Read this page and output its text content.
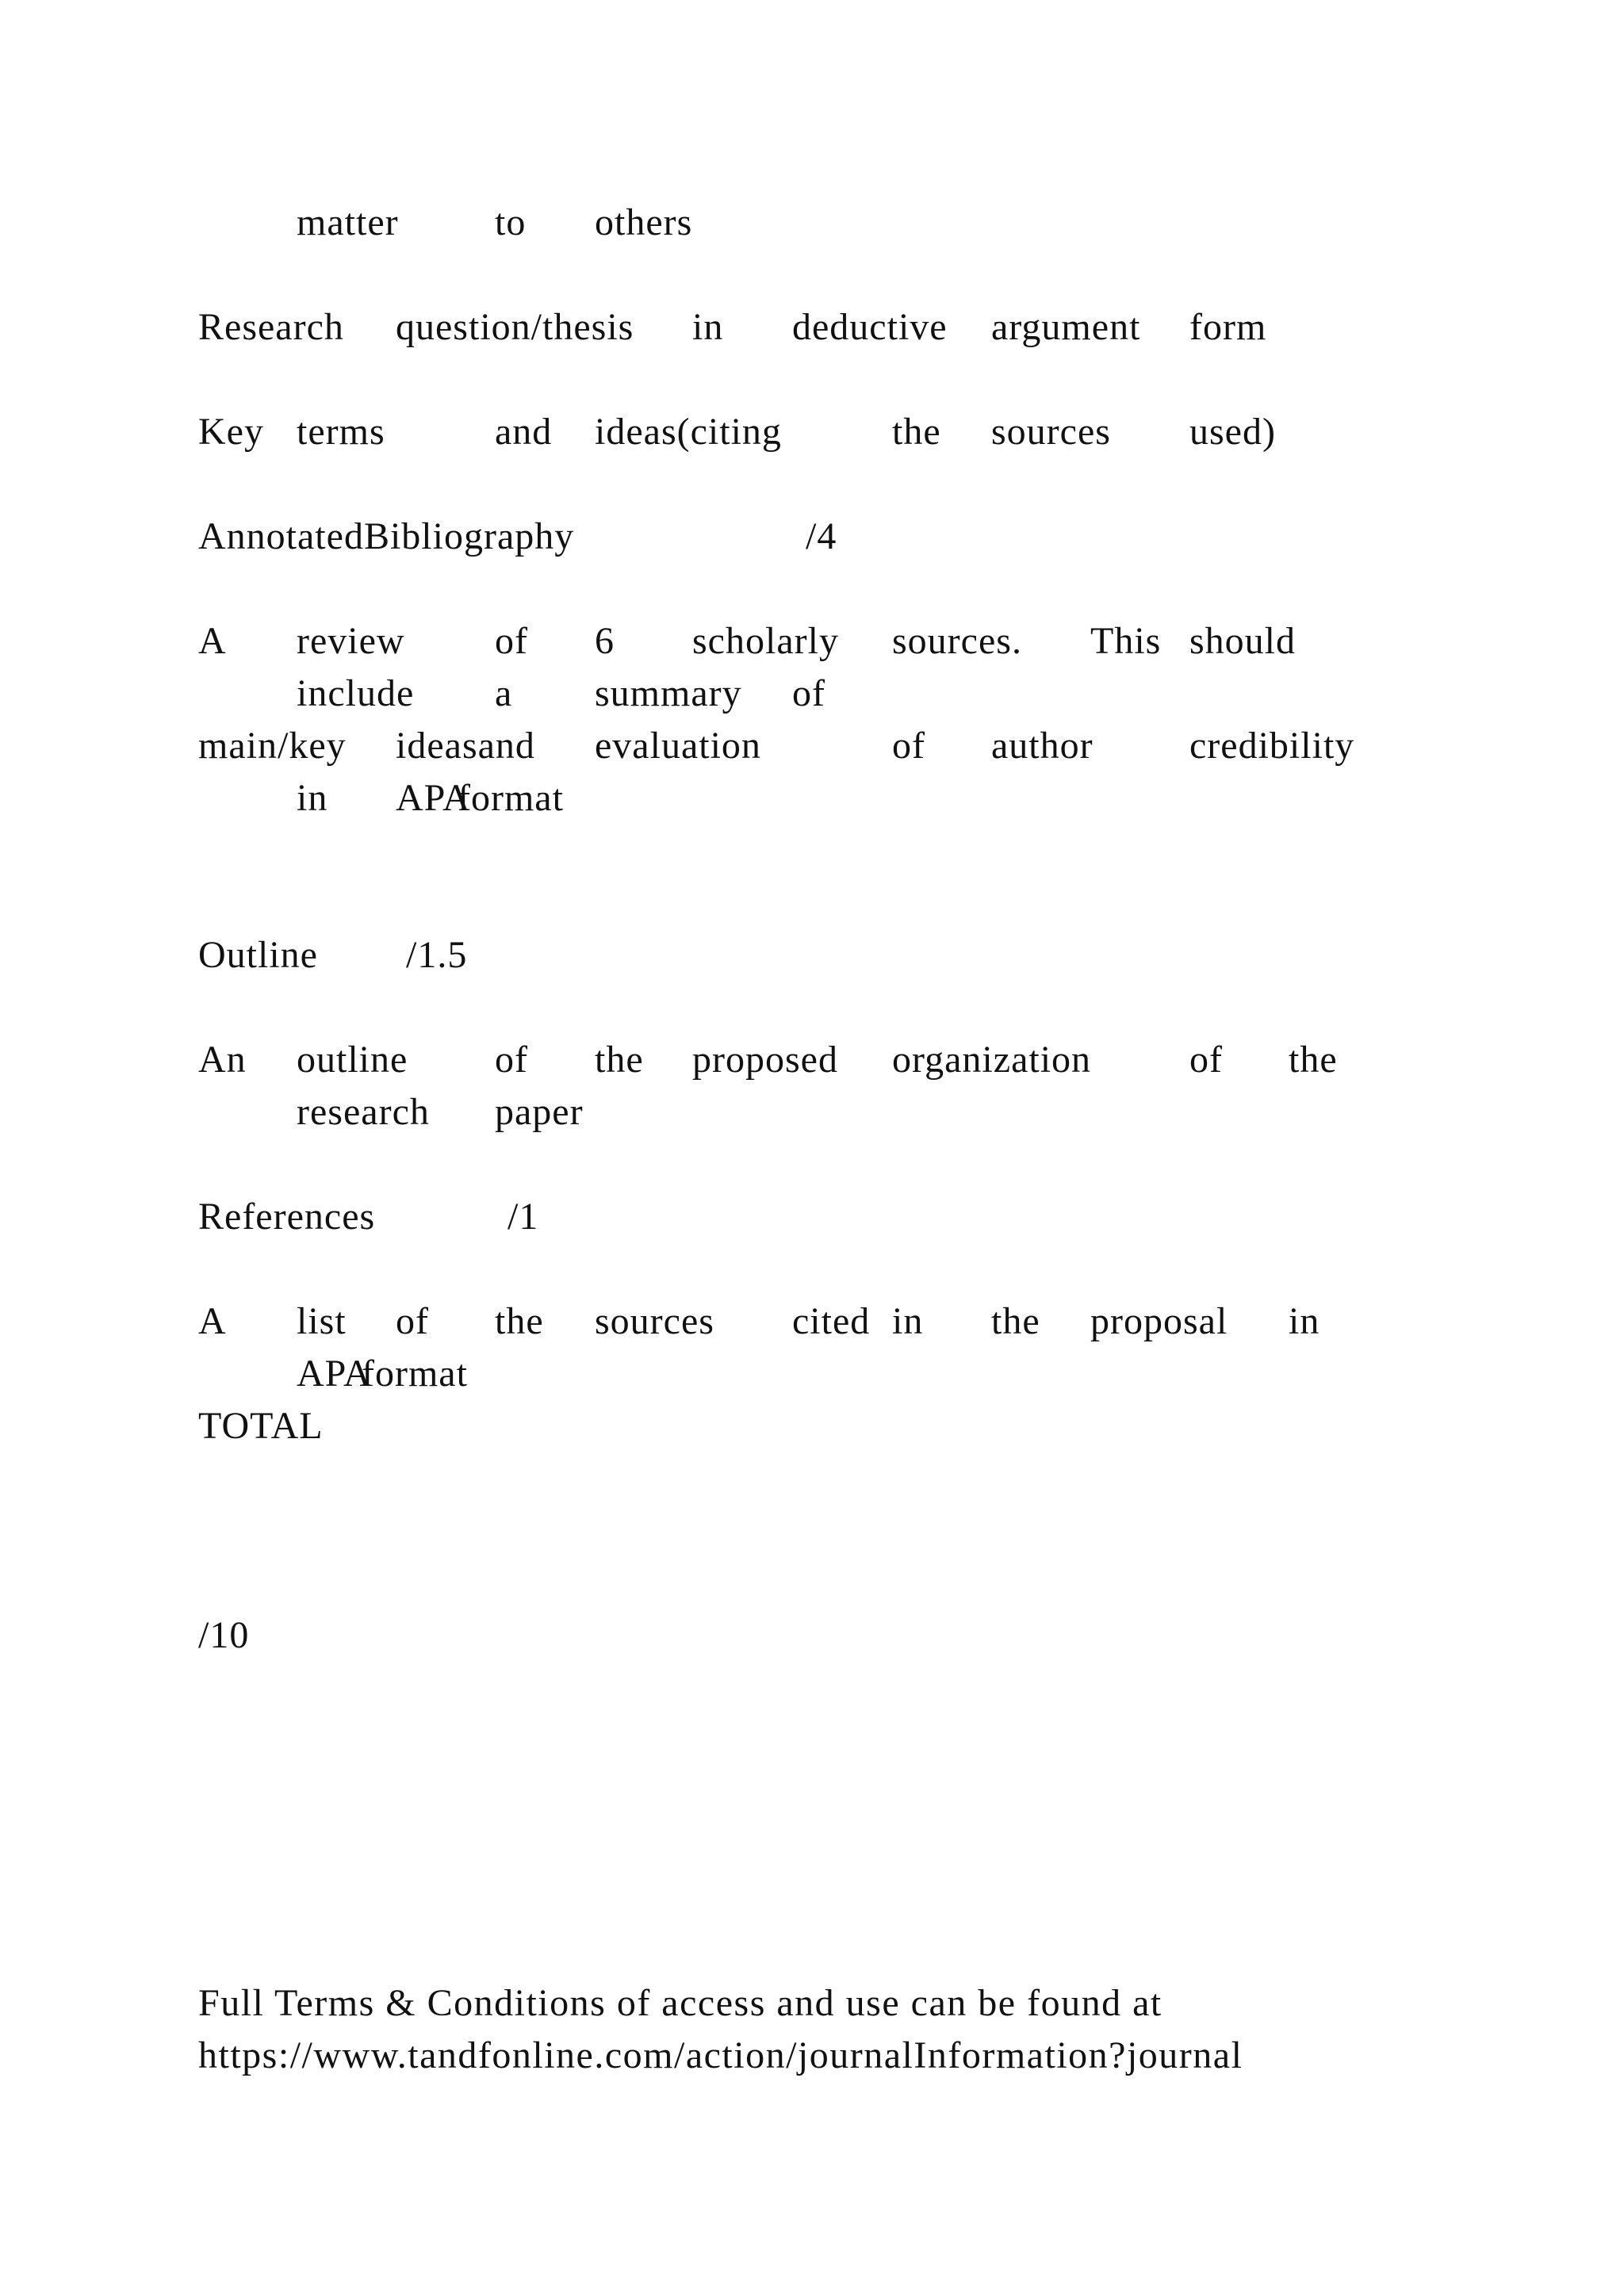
matter	to others
Research question/thesis in deductive argument form
Key terms	and ideas(citing	the sources used)
AnnotatedBibliography	/4
A review of 6 scholarly sources. This should
include a summary of
main/key ideasand evaluation	of author	credibility
in APA
format
Outline /1.5
An outline of the proposed organization	of the
research paper
References	/1
A list of the sources cited in the proposal in
APA
format
TOTAL
/10
Full Terms & Conditions of access and use can be found at
https://www.tandfonline.com/action/journalInformation?journal
